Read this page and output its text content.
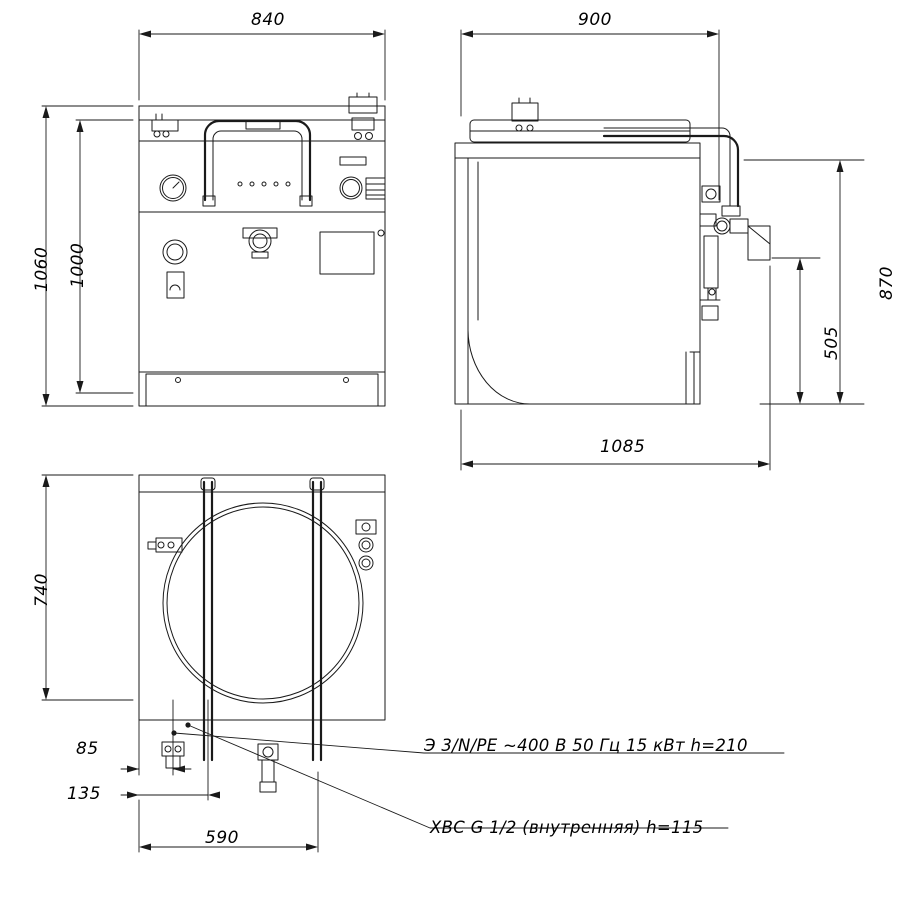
840
1060 1000
900
870
505
1085
740
85
135
590
Э 3/N/PE ~400 В 50 Гц 15 кВт h=210
ХВС G 1/2 (внутренняя) h=115
